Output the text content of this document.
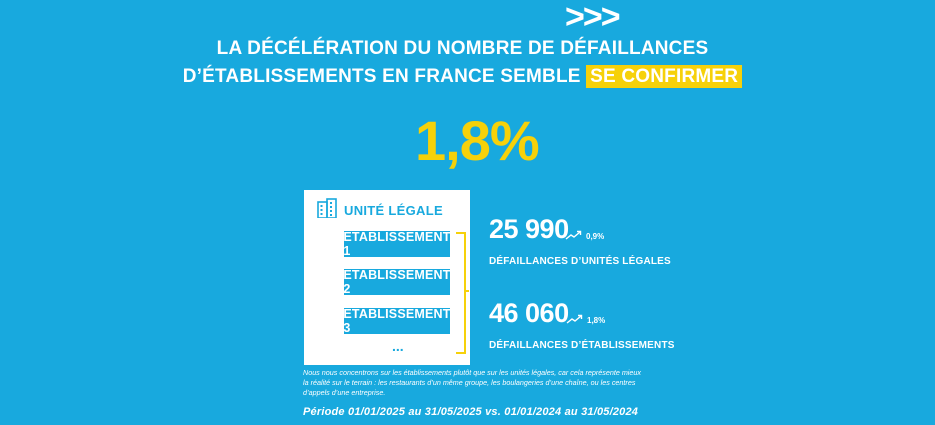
>>>
LA DÉCÉLÉRATION DU NOMBRE DE DÉFAILLANCES
D’ÉTABLISSEMENTS EN FRANCE SEMBLE SE CONFIRMER
1,8%
UNITÉ LÉGALE
ETABLISSEMENT 1
ETABLISSEMENT 2
ETABLISSEMENT 3
...
25 990 0,9%
DÉFAILLANCES D’UNITÉS LÉGALES
46 060 1,8%
DÉFAILLANCES D’ÉTABLISSEMENTS
Nous nous concentrons sur les établissements plutôt que sur les unités légales, car cela représente mieux la réalité sur le terrain : les restaurants d’un même groupe, les boulangeries d’une chaîne, ou les centres d’appels d’une entreprise.
Période 01/01/2025 au 31/05/2025 vs. 01/01/2024 au 31/05/2024
